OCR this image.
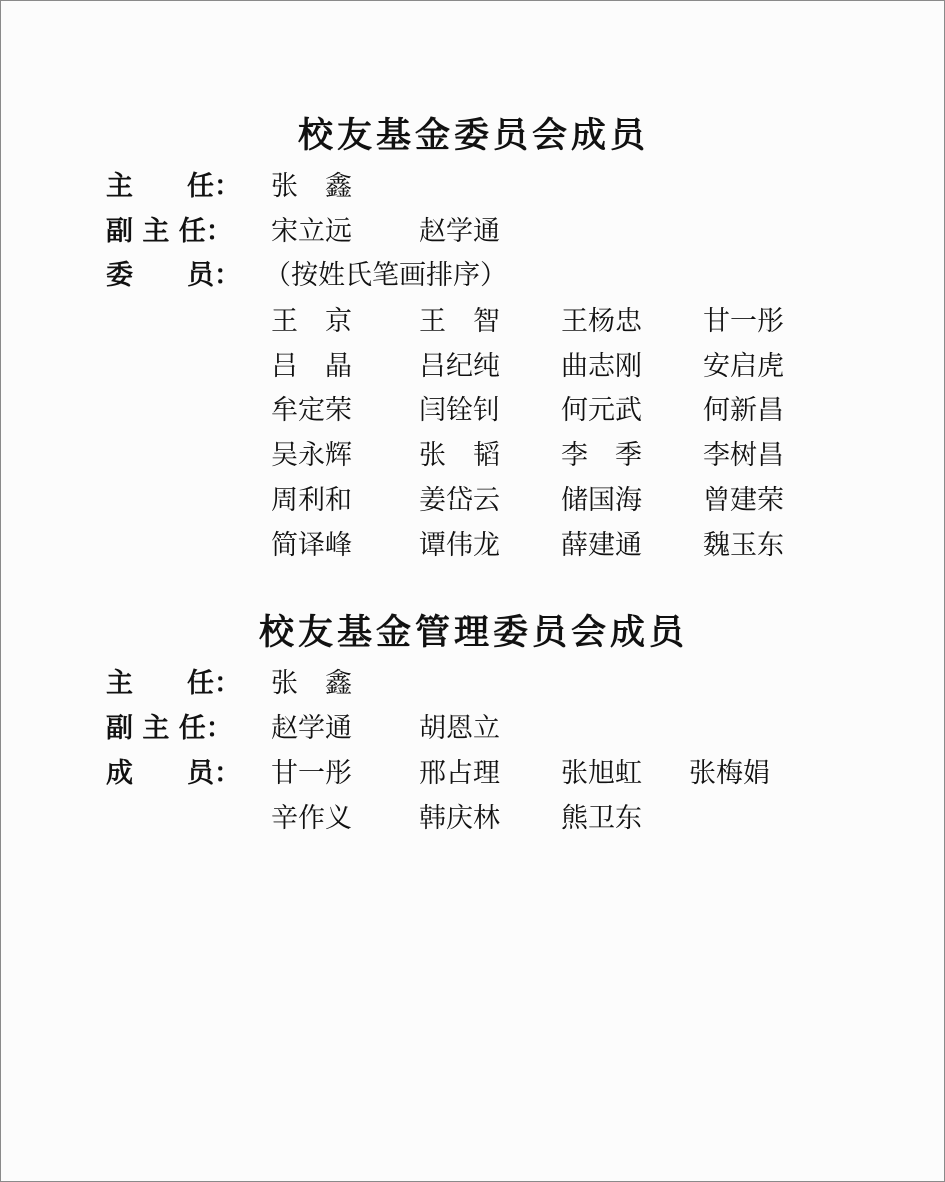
校友基金委员会成员
主　　任： 张　鑫
副 主 任： 宋立远 赵学通
委　　员： （按姓氏笔画排序）
王　京 王　智 王杨忠 甘一彤
吕　晶 吕纪纯 曲志刚 安启虎
牟定荣 闫铨钊 何元武 何新昌
吴永辉 张　韬 李　季 李树昌
周利和 姜岱云 储国海 曾建荣
简译峰 谭伟龙 薛建通 魏玉东
校友基金管理委员会成员
主　　任： 张　鑫
副 主 任： 赵学通 胡恩立
成　　员： 甘一彤 邢占理 张旭虹 张梅娟
辛作义 韩庆林 熊卫东
